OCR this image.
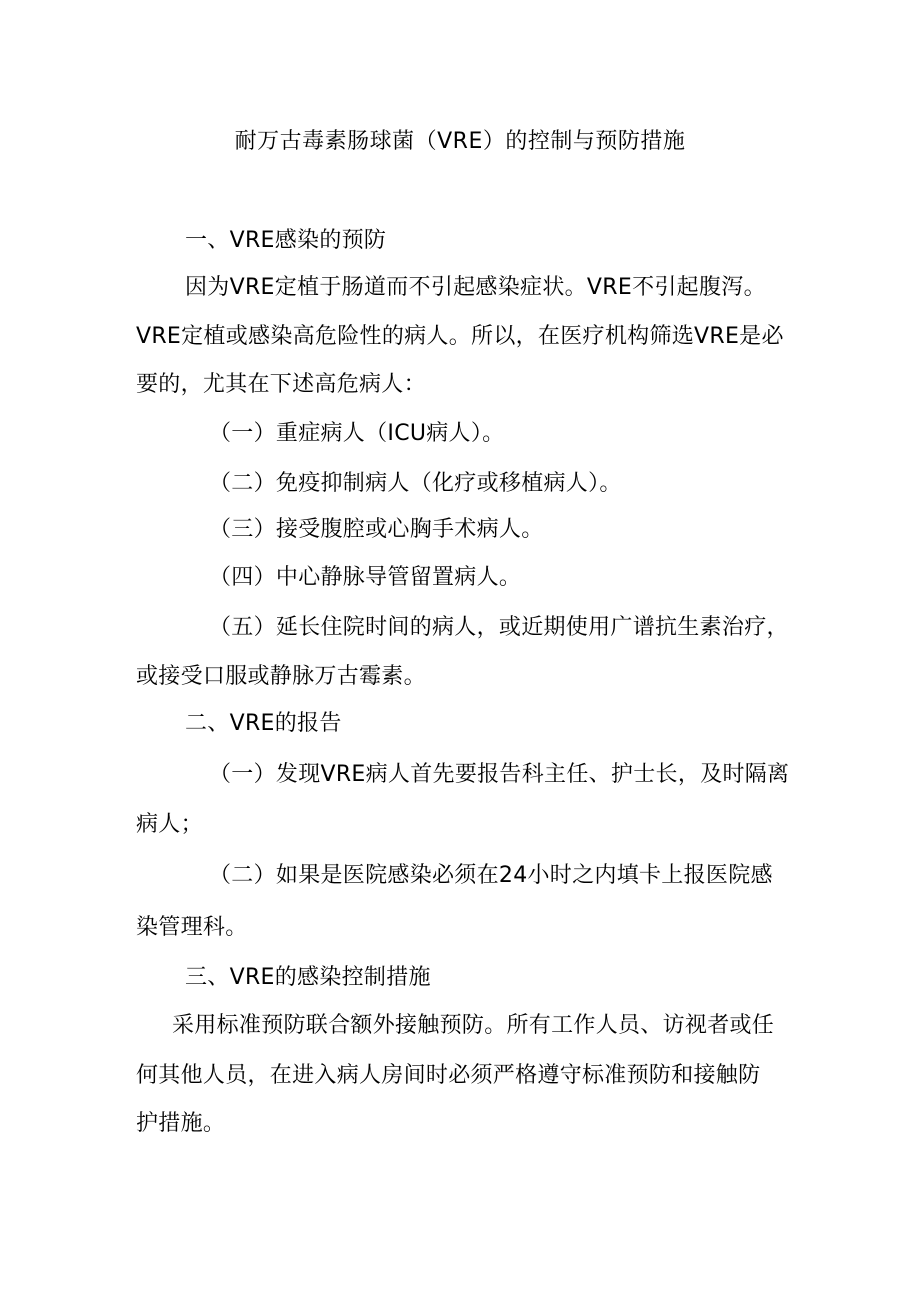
耐万古毒素肠球菌（VRE）的控制与预防措施
一、VRE感染的预防
因为VRE定植于肠道而不引起感染症状。VRE不引起腹泻。
VRE定植或感染高危险性的病人。所以，在医疗机构筛选VRE是必
要的，尤其在下述高危病人：
（一）重症病人（ICU病人）。
（二）免疫抑制病人（化疗或移植病人）。
（三）接受腹腔或心胸手术病人。
（四）中心静脉导管留置病人。
（五）延长住院时间的病人，或近期使用广谱抗生素治疗，
或接受口服或静脉万古霉素。
二、VRE的报告
（一）发现VRE病人首先要报告科主任、护士长，及时隔离
病人；
（二）如果是医院感染必须在24小时之内填卡上报医院感
染管理科。
三、VRE的感染控制措施
采用标准预防联合额外接触预防。所有工作人员、访视者或任
何其他人员，在进入病人房间时必须严格遵守标准预防和接触防
护措施。
